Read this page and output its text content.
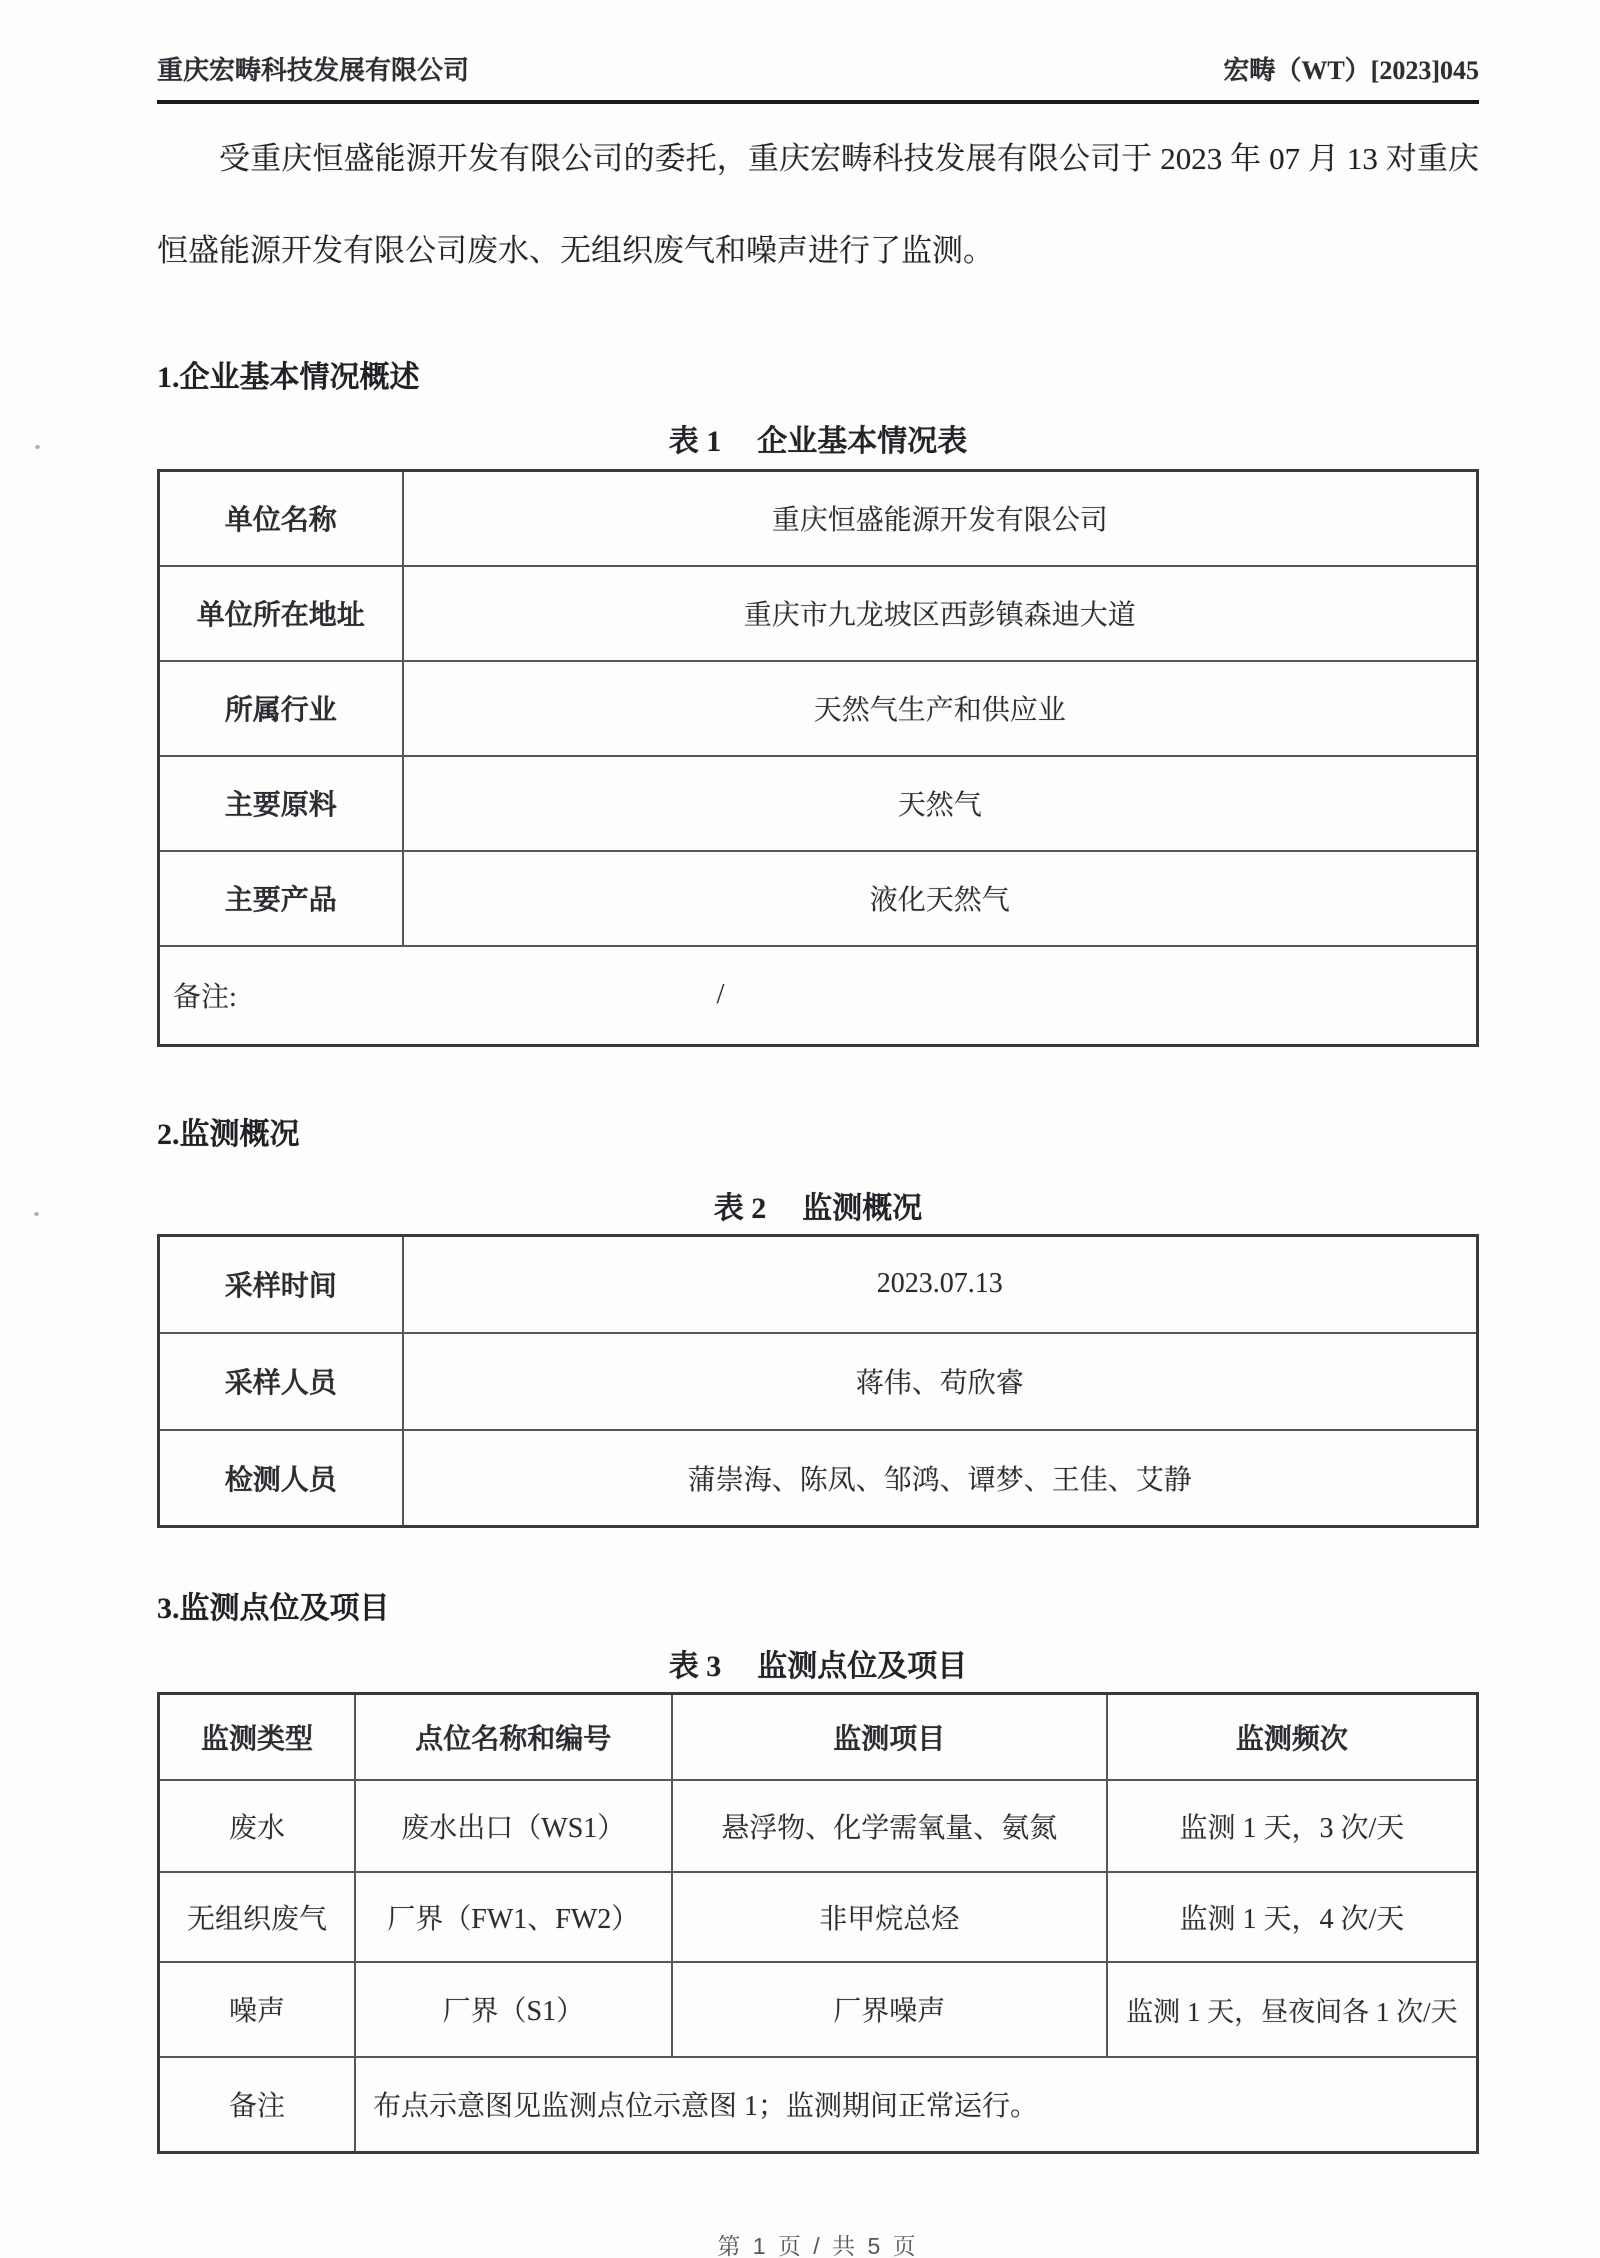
重庆宏畴科技发展有限公司	宏畴（WT）[2023]045

受重庆恒盛能源开发有限公司的委托，重庆宏畴科技发展有限公司于 2023 年 07 月 13 对重庆恒盛能源开发有限公司废水、无组织废气和噪声进行了监测。

1.企业基本情况概述
表 1 企业基本情况表
单位名称	重庆恒盛能源开发有限公司
单位所在地址	重庆市九龙坡区西彭镇森迪大道
所属行业	天然气生产和供应业
主要原料	天然气
主要产品	液化天然气
备注: /	
2.监测概况
表 2 监测概况
采样时间	2023.07.13
采样人员	蒋伟、苟欣睿
检测人员	蒲崇海、陈凤、邹鸿、谭梦、王佳、艾静
3.监测点位及项目
表 3 监测点位及项目
监测类型	点位名称和编号	监测项目	监测频次
废水	废水出口（WS1）	悬浮物、化学需氧量、氨氮	监测 1 天，3 次/天
无组织废气	厂界（FW1、FW2）	非甲烷总烃	监测 1 天，4 次/天
噪声	厂界（S1）	厂界噪声	监测 1 天，昼夜间各 1 次/天
备注	布点示意图见监测点位示意图 1；监测期间正常运行。		
第 1 页 / 共 5 页
